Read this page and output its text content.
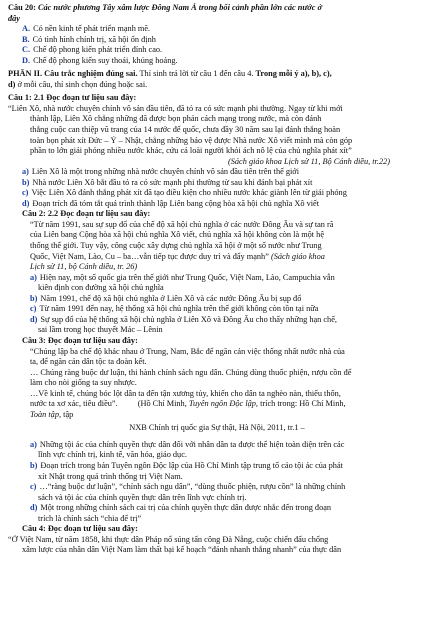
Câu 20: Các nước phương Tây xâm lược Đông Nam Á trong bối cảnh phần lớn các nước ở
đây
A. Có nền kinh tế phát triển mạnh mẽ.
B. Có tình hình chính trị, xã hội ổn định
C. Chế độ phong kiến phát triển đỉnh cao.
D. Chế độ phong kiến suy thoái, khủng hoảng.
PHẦN II. Câu trắc nghiệm đúng sai. Thí sinh trả lời từ câu 1 đến câu 4. Trong mỗi ý a), b), c),
d) ở mỗi câu, thí sinh chọn đúng hoặc sai.
Câu 1: 2.1 Đọc đoạn tư liệu sau đây:
“Liên Xô, nhà nước chuyên chính vô sản đầu tiên, đã tỏ ra có sức mạnh phi thường. Ngay từ khi mới
thành lập, Liên Xô chẳng những đã được bọn phản cách mạng trong nước, mà còn đánh
thắng cuộc can thiệp vũ trang của 14 nước đế quốc, chưa đầy 30 năm sau lại đánh thắng hoàn
toàn bọn phát xít Đức – Ý – Nhật, chẳng những bảo vệ được Nhà nước Xô viết mình mà còn góp
phần to lớn giải phóng nhiều nước khác, cứu cả loài người khỏi ách nô lệ của chủ nghĩa phát xít”
(Sách giáo khoa Lịch sử 11, Bộ Cánh diều, tr.22)
a) Liên Xô là một trong những nhà nước chuyên chính vô sản đầu tiên trên thế giới
b) Nhà nước Liên Xô bắt đầu tỏ ra có sức mạnh phi thường từ sau khi đánh bại phát xít
c) Việc Liên Xô đánh thắng phát xít đã tạo điều kiện cho nhiều nước khác giành lên từ giải phóng
d) Đoạn trích đã tóm tắt quá trình thành lập Liên bang cộng hòa xã hội chủ nghĩa Xô viết
Câu 2: 2.2 Đọc đoạn tư liệu sau đây:
“Từ năm 1991, sau sự sụp đổ của chế độ xã hội chủ nghĩa ở các nước Đông Âu và sự tan rã
của Liên bang Cộng hòa xã hội chủ nghĩa Xô viết, chủ nghĩa xã hội không còn là một hệ
thống thế giới. Tuy vậy, công cuộc xây dựng chủ nghĩa xã hội ở một số nước như Trung
Quốc, Việt Nam, Lào, Cu – ba…vẫn tiếp tục được duy trì và đẩy mạnh” (Sách giáo khoa
Lịch sử 11, bộ Cánh diều, tr. 26)
a) Hiện nay, một số quốc gia trên thế giới như Trung Quốc, Việt Nam, Lào, Campuchia vẫn
kiên định con đường xã hội chủ nghĩa
b) Năm 1991, chế độ xã hội chủ nghĩa ở Liên Xô và các nước Đông Âu bị sụp đổ
c) Từ năm 1991 đến nay, hệ thống xã hội chủ nghĩa trên thế giới không còn tồn tại nữa
d) Sự sụp đổ của hệ thống xã hội chủ nghĩa ở Liên Xô và Đông Âu cho thấy những hạn chế,
sai lầm trong học thuyết Mác – Lênin
Câu 3: Đọc đoạn tư liệu sau đây:
“Chúng lập ba chế độ khác nhau ở Trung, Nam, Bắc để ngăn cản việc thống nhất nước nhà của
ta, để ngăn cản dân tộc ta đoàn kết.
… Chúng ràng buộc dư luận, thi hành chính sách ngu dân. Chúng dùng thuốc phiện, rượu cồn để
làm cho nòi giống ta suy nhược.
…Về kinh tế, chúng bóc lột dân ta đến tận xương tủy, khiến cho dân ta nghèo nàn, thiếu thốn,
nước ta xơ xác, tiêu điều”. (Hồ Chí Minh, Tuyên ngôn Độc lập, trích trong: Hồ Chí Minh,
Toàn tập, tập
NXB Chính trị quốc gia Sự thật, Hà Nội, 2011, tr.1 –
a) Những tội ác của chính quyền thực dân đối với nhân dân ta được thể hiện toàn diện trên các
lĩnh vực chính trị, kinh tế, văn hóa, giáo dục.
b) Đoạn trích trong bản Tuyên ngôn Độc lập của Hồ Chí Minh tập trung tố cáo tội ác của phát
xít Nhật trong quá trình thống trị Việt Nam.
c) …“ràng buộc dư luận”, “chính sách ngu dân”, “dùng thuốc phiện, rượu cồn” là những chính
sách và tội ác của chính quyền thực dân trên lĩnh vực chính trị.
d) Một trong những chính sách cai trị của chính quyền thực dân được nhắc đến trong đoạn
trích là chính sách “chia để trị”
Câu 4: Đọc đoạn tư liệu sau đây:
“Ở Việt Nam, từ năm 1858, khi thực dân Pháp nổ súng tấn công Đà Nẵng, cuộc chiến đấu chống
xâm lược của nhân dân Việt Nam làm thất bại kế hoạch “đánh nhanh thắng nhanh” của thực dân
